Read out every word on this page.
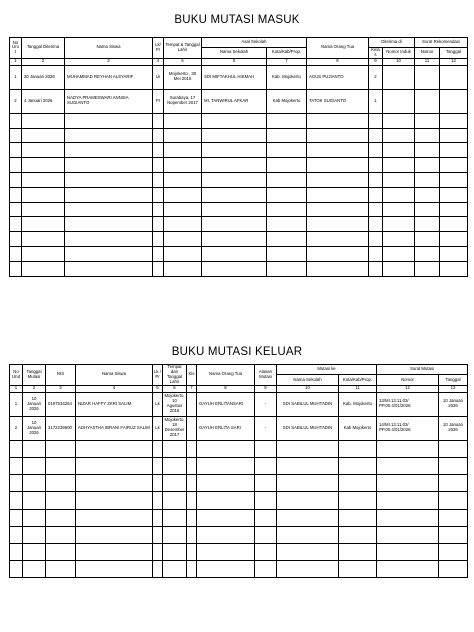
BUKU MUTASI MASUK
No Uru t	Tanggal Diterima	Nama Siswa	Lk/ Pr	Tempat & Tanggal Lahir	Asal Sekolah		Nama Orang Tua	Diterima di		Surat Rekomendasi	
					Nama Sekolah	Kota/Kab/Prop.		Kela s	Nomor Induk	Nomor	Tanggal
1	2	3	4	5	6	7	8	9	10	11	12
1	30 Januari 2026	MUHAMMAD REYHAN ALSYARIF	Lk	Mojokerto , 30 Mei 2016	SDI MIFTAKHUL HIKMAH	Kab. Mojokerto	AGUS PUJIANTO	2			
2	4 Januari 2026	NADYA PRAMESWARI ANNISA SUGIANTO	Pr	Surabaya, 17 Nopember 2017	MI. TANWIRUL AFKAR	Kab Mojokerto	TATOK SUGIANTO	1			

BUKU MUTASI KELUAR
No Urut	Tanggal Mutasi	NIS	Nama Siswa	Lk / Pr	Tempat dan Tanggal Lahir	Kls	Nama Orang Tua	Alasan Mutasi	Mutasi ke		Surat Mutasi	
									Nama Sekolah	Kota/Kab/Prop.	Nomor	Tanggal
1	2	3	4	5	6	7	8	9	10	11	12	13
1	10 Januari 2026	0197534264	NIZAR HAFFY ZKRI SALIM	Lk	Mojokerto, 10 Agustus 2016		GAYUH ERLITANSARI	-	SDI SABILUL MUHTADIN	Kab. Mojokerto	13/MI.13.11.03/ PP.00.4/01/2026	10 Januari 2026
2	10 Januari 2026	3172239600	ADHYASTHA IBRANI FAIRUZ SALIM	Lk	Mojokerto, 18 Desember 2017		GAYUH ERLITA SARI	-	SDI SABILUL MUHTADIN	Kab Mojokerto	14/MI.13.11.03/ PP.00.4/01/2026	10 Januari 2026
